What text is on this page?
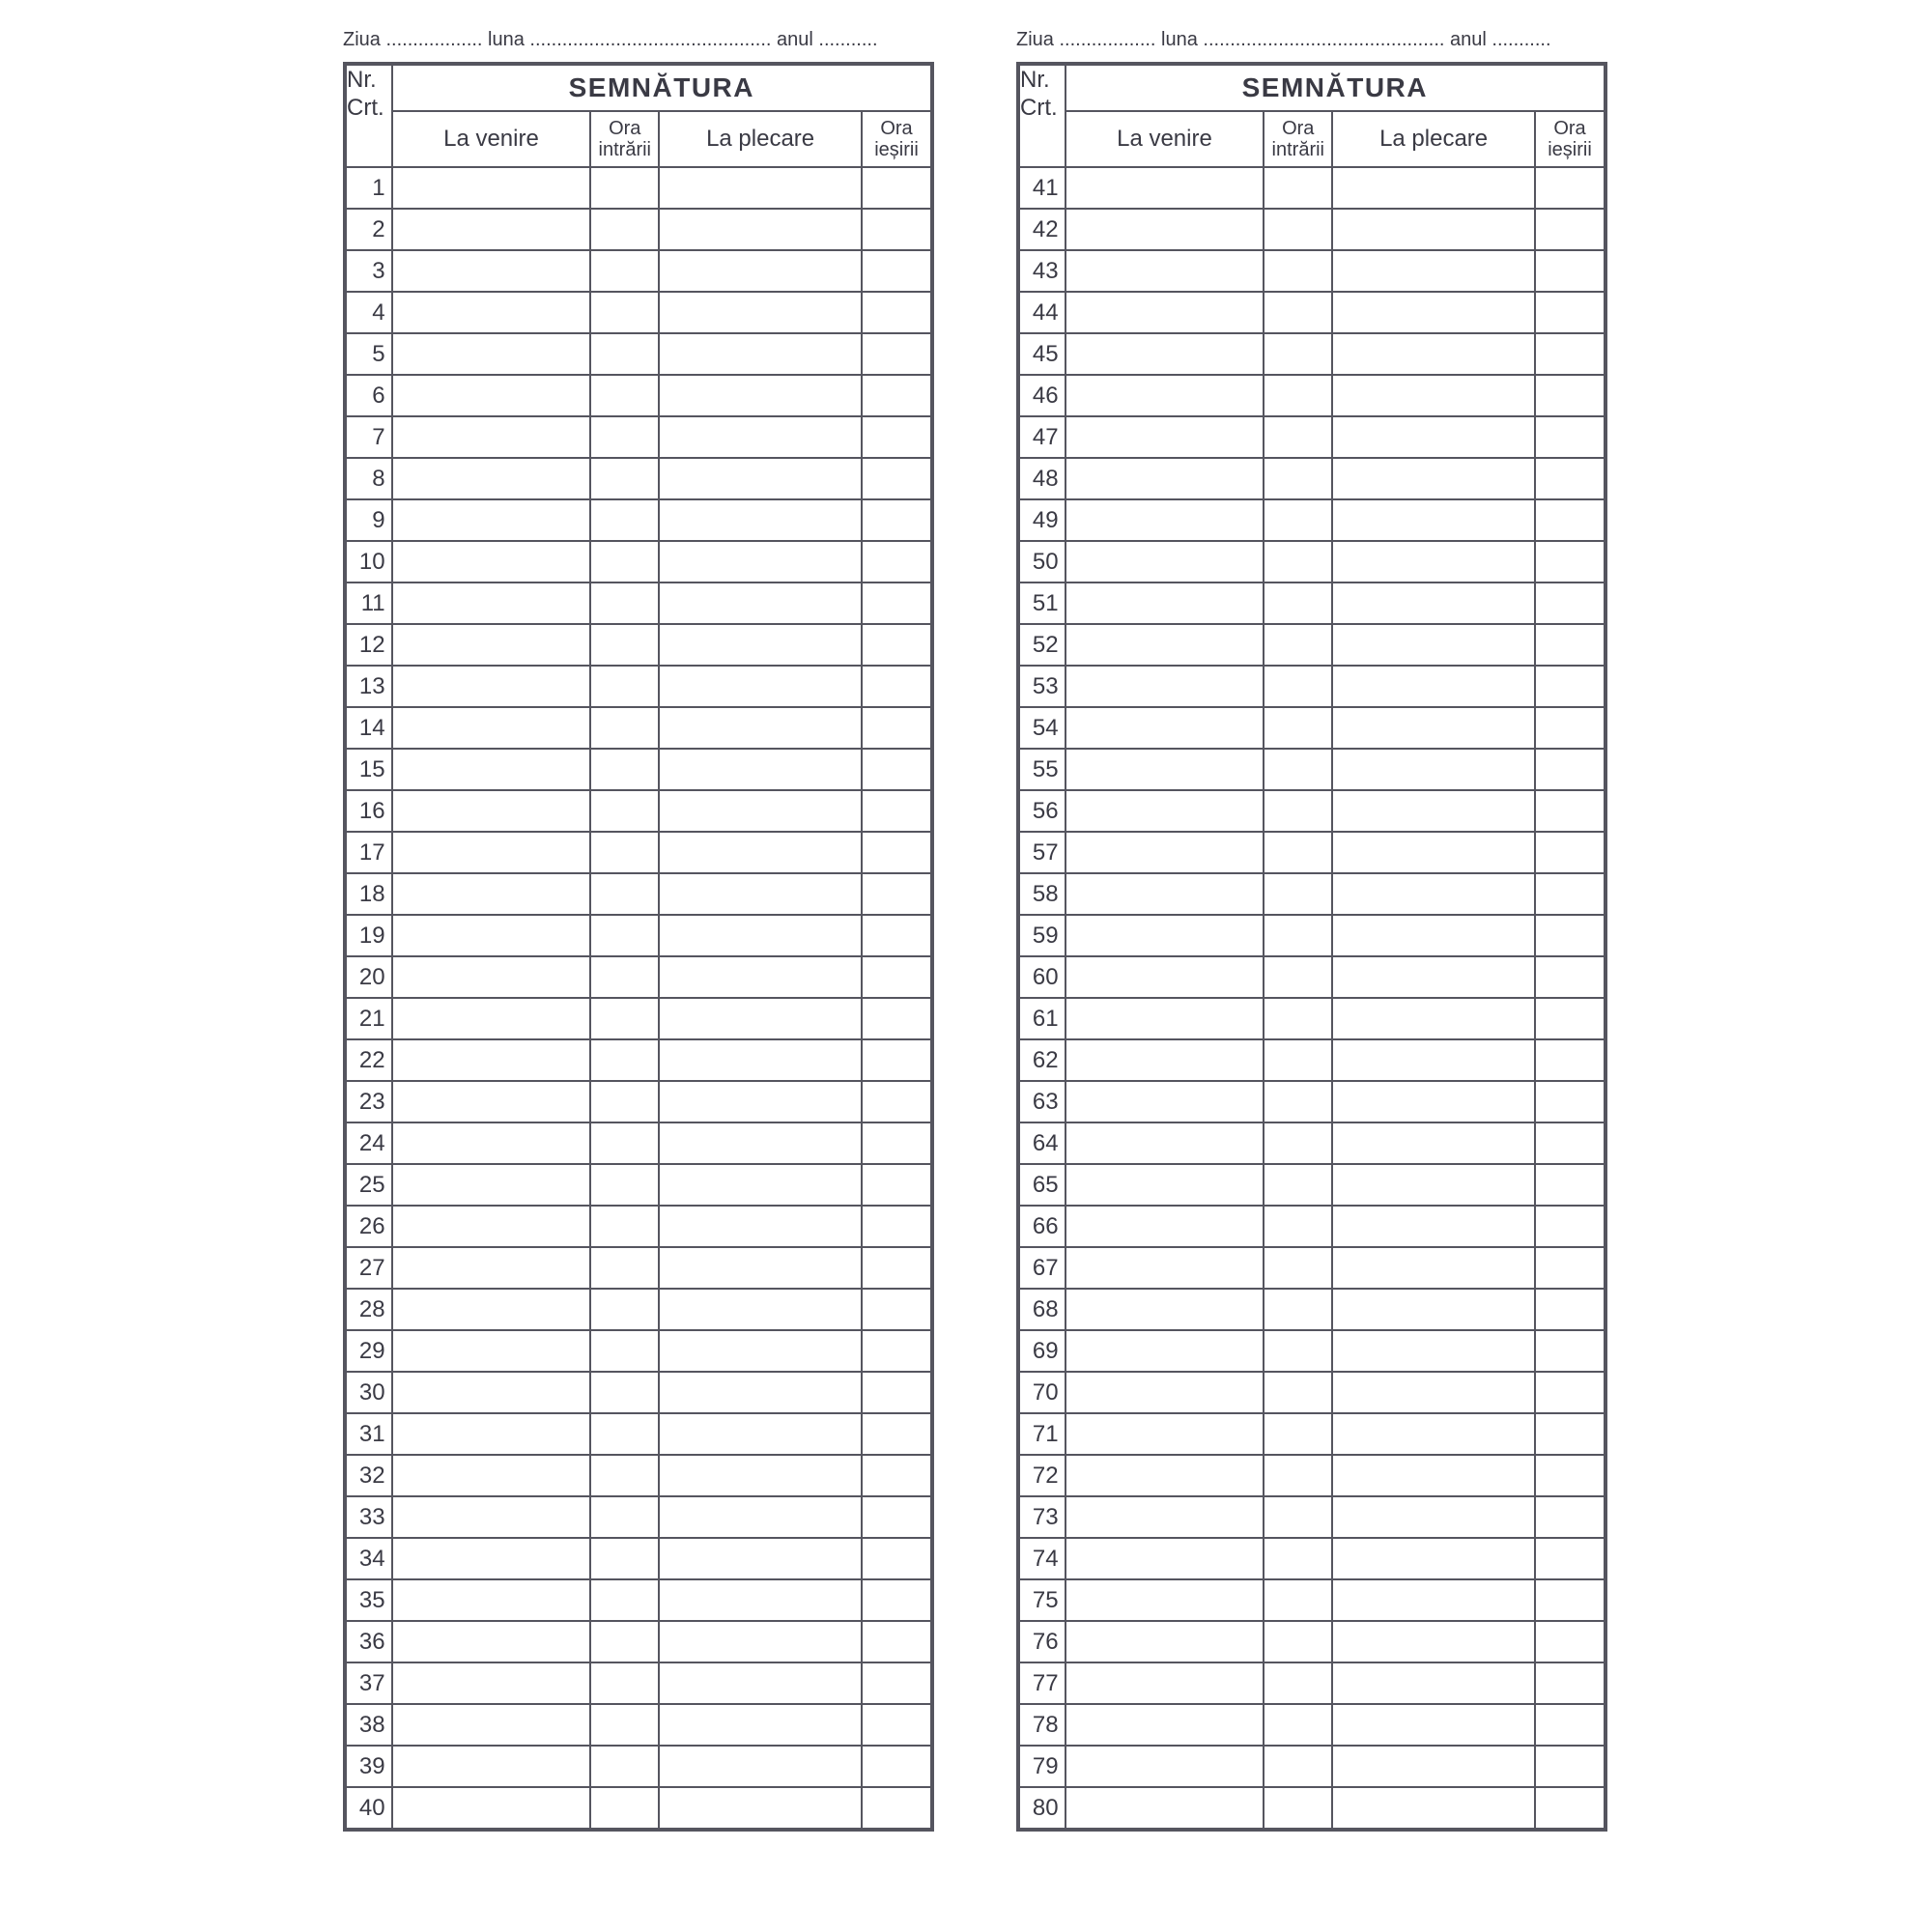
Ziua .................. luna ............................................. anul ...........
Nr. Crt.	SEMNĂTURA			
	La venire	Ora intrării	La plecare	Ora ieșirii
1				
2				
3				
4				
5				
6				
7				
8				
9				
10				
11				
12				
13				
14				
15				
16				
17				
18				
19				
20				
21				
22				
23				
24				
25				
26				
27				
28				
29				
30				
31				
32				
33				
34				
35				
36				
37				
38				
39				
40				
Ziua .................. luna ............................................. anul ...........
Nr. Crt.	SEMNĂTURA			
	La venire	Ora intrării	La plecare	Ora ieșirii
41				
42				
43				
44				
45				
46				
47				
48				
49				
50				
51				
52				
53				
54				
55				
56				
57				
58				
59				
60				
61				
62				
63				
64				
65				
66				
67				
68				
69				
70				
71				
72				
73				
74				
75				
76				
77				
78				
79				
80				
